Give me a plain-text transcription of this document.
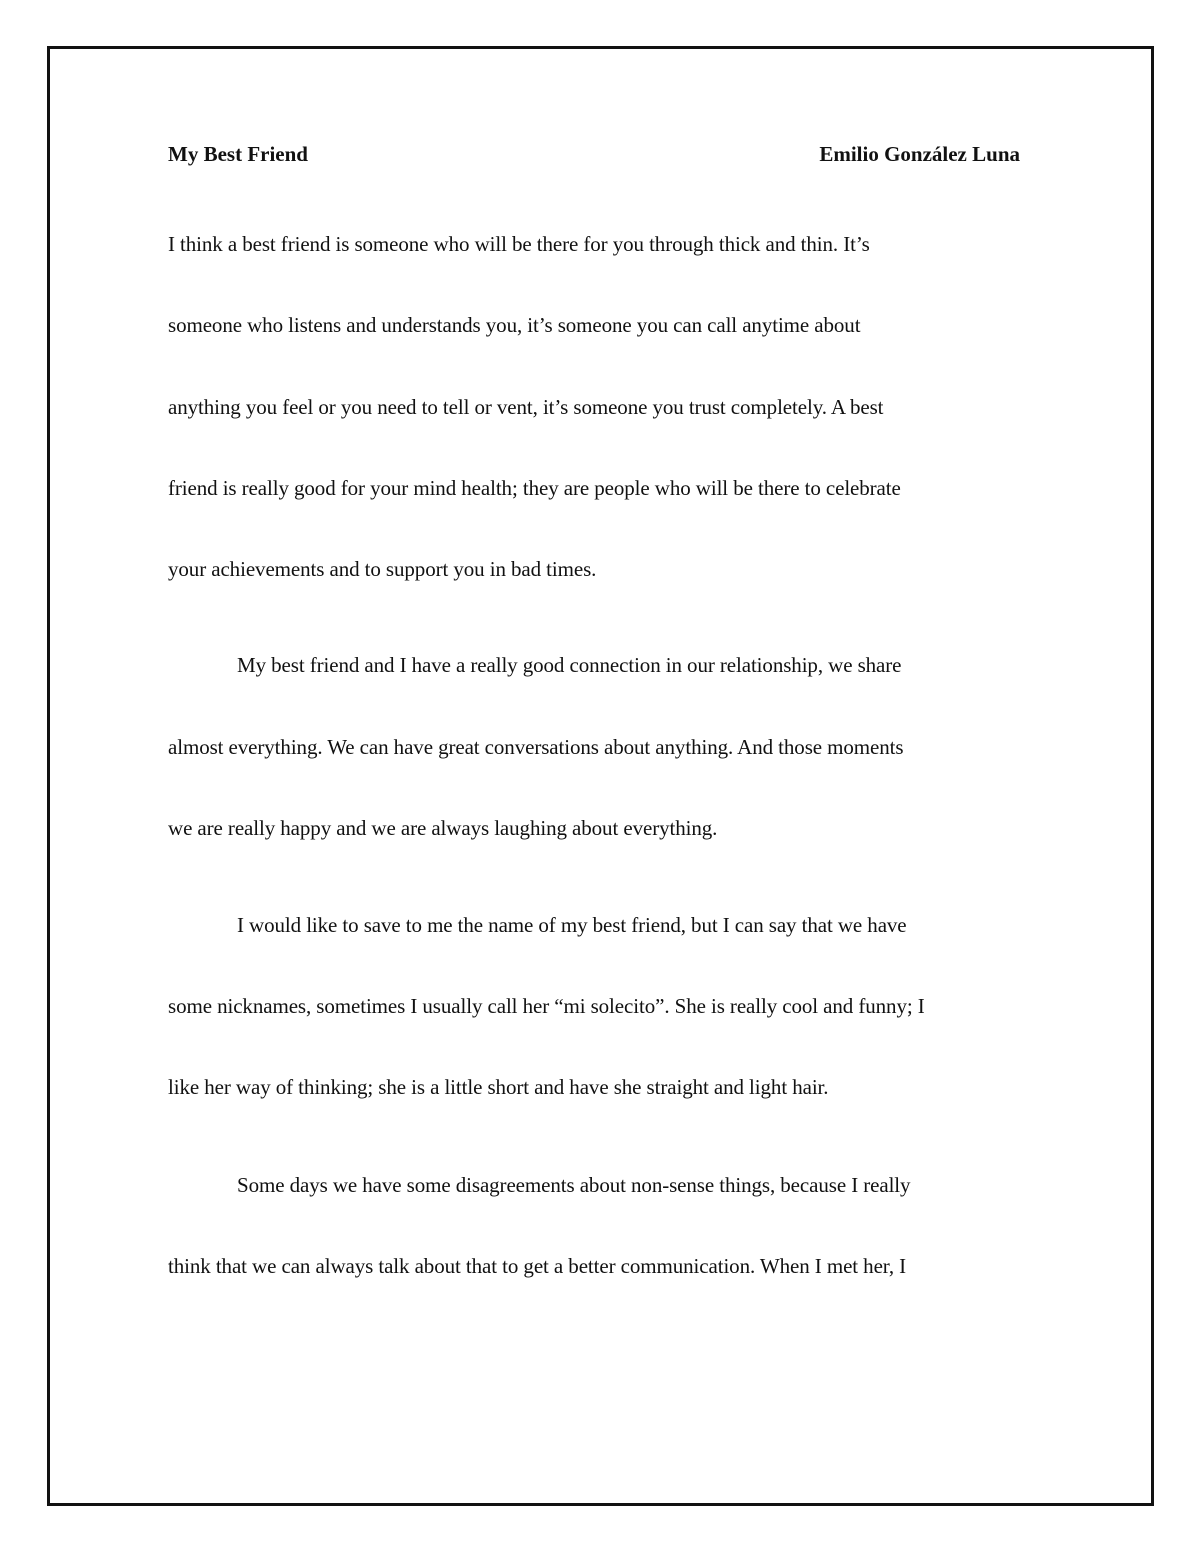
My Best Friend	Emilio González Luna
I think a best friend is someone who will be there for you through thick and thin. It’s
someone who listens and understands you, it’s someone you can call anytime about
anything you feel or you need to tell or vent, it’s someone you trust completely. A best
friend is really good for your mind health; they are people who will be there to celebrate
your achievements and to support you in bad times.
My best friend and I have a really good connection in our relationship, we share
almost everything. We can have great conversations about anything. And those moments
we are really happy and we are always laughing about everything.
I would like to save to me the name of my best friend, but I can say that we have
some nicknames, sometimes I usually call her “mi solecito”. She is really cool and funny; I
like her way of thinking; she is a little short and have she straight and light hair.
Some days we have some disagreements about non-sense things, because I really
think that we can always talk about that to get a better communication. When I met her, I
